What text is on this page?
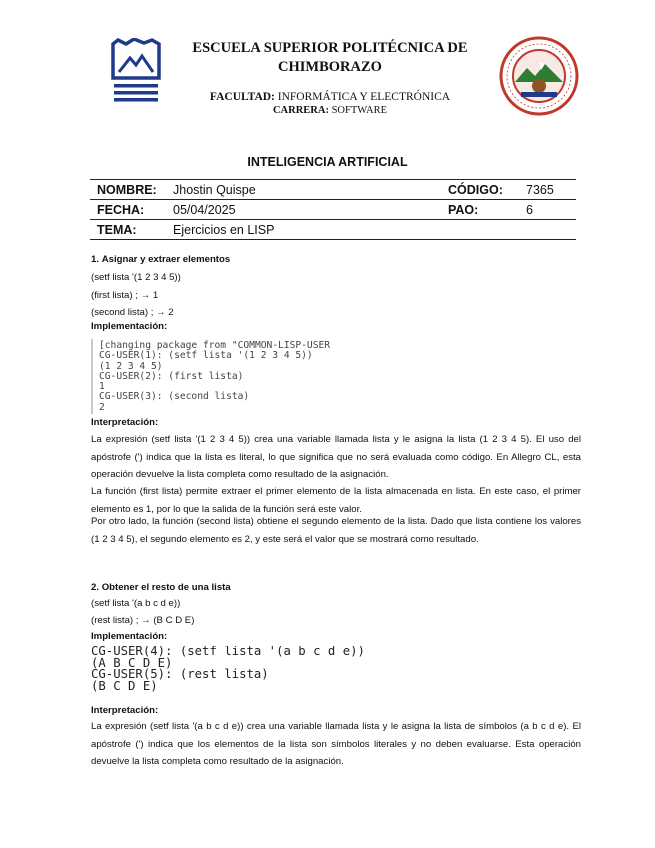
ESCUELA SUPERIOR POLITÉCNICA DE
CHIMBORAZO
FACULTAD: INFORMÁTICA Y ELECTRÓNICA
CARRERA: SOFTWARE
INTELIGENCIA ARTIFICIAL
NOMBRE:	Jhostin Quispe	CÓDIGO:	7365
FECHA:	05/04/2025	PAO:	6
TEMA:	Ejercicios en LISP		
1. Asignar y extraer elementos
(setf lista '(1 2 3 4 5))
(first lista) ; → 1
(second lista) ; → 2
Implementación:
[changing package from "COMMON-LISP-USER
CG-USER(1): (setf lista '(1 2 3 4 5))
(1 2 3 4 5)
CG-USER(2): (first lista)
1
CG-USER(3): (second lista)
2
Interpretación:
La expresión (setf lista '(1 2 3 4 5)) crea una variable llamada lista y le asigna la lista (1 2 3 4 5). El uso del apóstrofe (') indica que la lista es literal, lo que significa que no será evaluada como código. En Allegro CL, esta operación devuelve la lista completa como resultado de la asignación.
La función (first lista) permite extraer el primer elemento de la lista almacenada en lista. En este caso, el primer elemento es 1, por lo que la salida de la función será este valor.
Por otro lado, la función (second lista) obtiene el segundo elemento de la lista. Dado que lista contiene los valores (1 2 3 4 5), el segundo elemento es 2, y este será el valor que se mostrará como resultado.
2. Obtener el resto de una lista
(setf lista '(a b c d e))
(rest lista) ; → (B C D E)
Implementación:
CG-USER(4): (setf lista '(a b c d e))
(A B C D E)
CG-USER(5): (rest lista)
(B C D E)
Interpretación:
La expresión (setf lista '(a b c d e)) crea una variable llamada lista y le asigna la lista de símbolos (a b c d e). El apóstrofe (') indica que los elementos de la lista son símbolos literales y no deben evaluarse. Esta operación devuelve la lista completa como resultado de la asignación.
